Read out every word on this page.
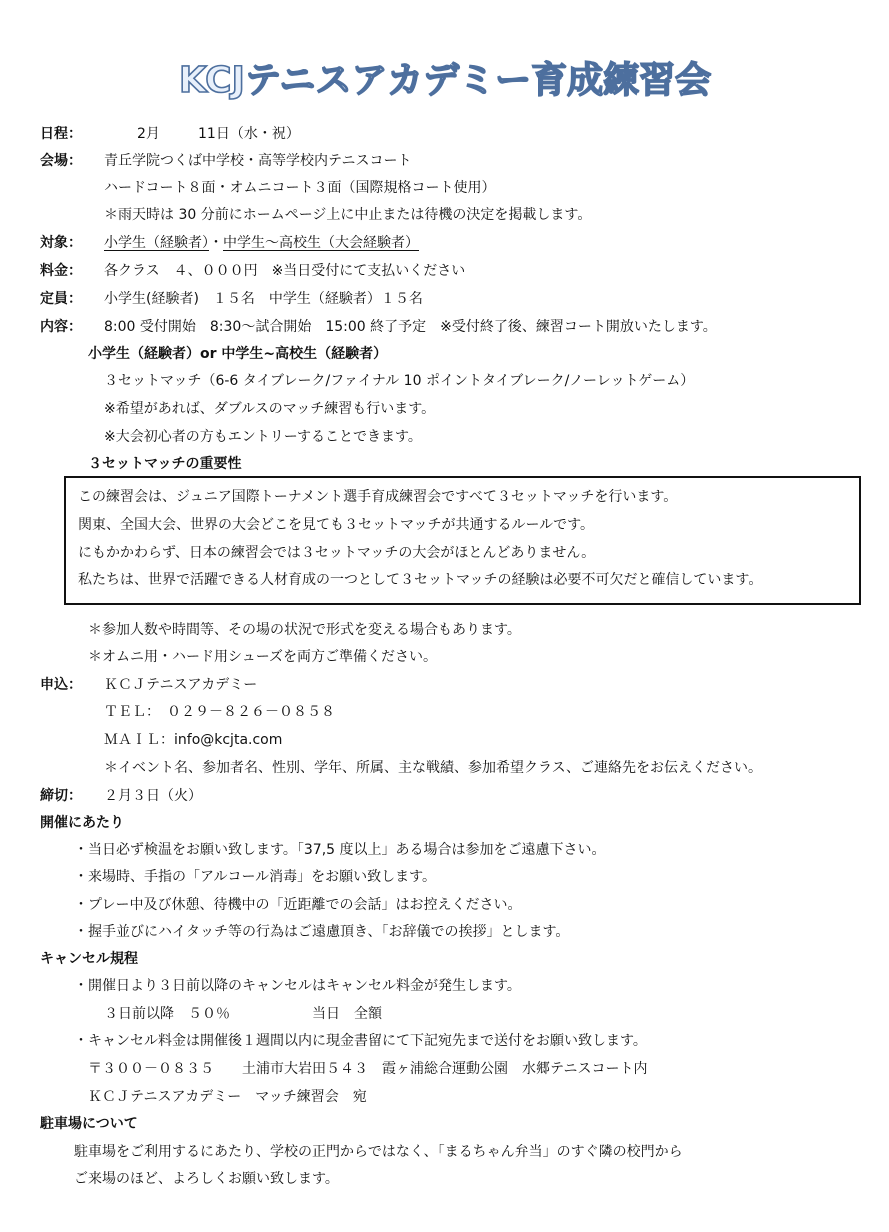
KCJテニスアカデミー育成練習会
日程：	2月	11日（水・祝）
会場： 青丘学院つくば中学校・高等学校内テニスコート
ハードコート８面・オムニコート３面（国際規格コート使用）
＊雨天時は 30 分前にホームページ上に中止または待機の決定を掲載します。
対象： 小学生（経験者）・中学生～高校生（大会経験者）
料金： 各クラス　４、０００円　※当日受付にて支払いください
定員： 小学生(経験者)　１５名　中学生（経験者）１５名
内容： 8:00 受付開始　8:30～試合開始　15:00 終了予定　※受付終了後、練習コート開放いたします。
小学生（経験者）or 中学生~高校生（経験者）
３セットマッチ（6-6 タイブレーク/ファイナル 10 ポイントタイブレーク/ノーレットゲーム）
※希望があれば、ダブルスのマッチ練習も行います。
※大会初心者の方もエントリーすることできます。
３セットマッチの重要性
この練習会は、ジュニア国際トーナメント選手育成練習会ですべて３セットマッチを行います。
関東、全国大会、世界の大会どこを見ても３セットマッチが共通するルールです。
にもかかわらず、日本の練習会では３セットマッチの大会がほとんどありません。
私たちは、世界で活躍できる人材育成の一つとして３セットマッチの経験は必要不可欠だと確信しています。
＊参加人数や時間等、その場の状況で形式を変える場合もあります。
＊オムニ用・ハード用シューズを両方ご準備ください。
申込： ＫＣＪテニスアカデミー
ＴＥＬ：　０２９－８２６－０８５８
ＭＡＩＬ：info@kcjta.com
＊イベント名、参加者名、性別、学年、所属、主な戦績、参加希望クラス、ご連絡先をお伝えください。
締切： ２月３日（火）
開催にあたり
・当日必ず検温をお願い致します。「37,5 度以上」ある場合は参加をご遠慮下さい。
・来場時、手指の「アルコール消毒」をお願い致します。
・プレー中及び休憩、待機中の「近距離での会話」はお控えください。
・握手並びにハイタッチ等の行為はご遠慮頂き、「お辞儀での挨拶」とします。
キャンセル規程
・開催日より３日前以降のキャンセルはキャンセル料金が発生します。
３日前以降　５０％	当日　全額
・キャンセル料金は開催後１週間以内に現金書留にて下記宛先まで送付をお願い致します。
〒３００－０８３５　　土浦市大岩田５４３　霞ヶ浦総合運動公園　水郷テニスコート内
ＫＣＪテニスアカデミー　マッチ練習会　宛
駐車場について
駐車場をご利用するにあたり、学校の正門からではなく、「まるちゃん弁当」のすぐ隣の校門から
ご来場のほど、よろしくお願い致します。
